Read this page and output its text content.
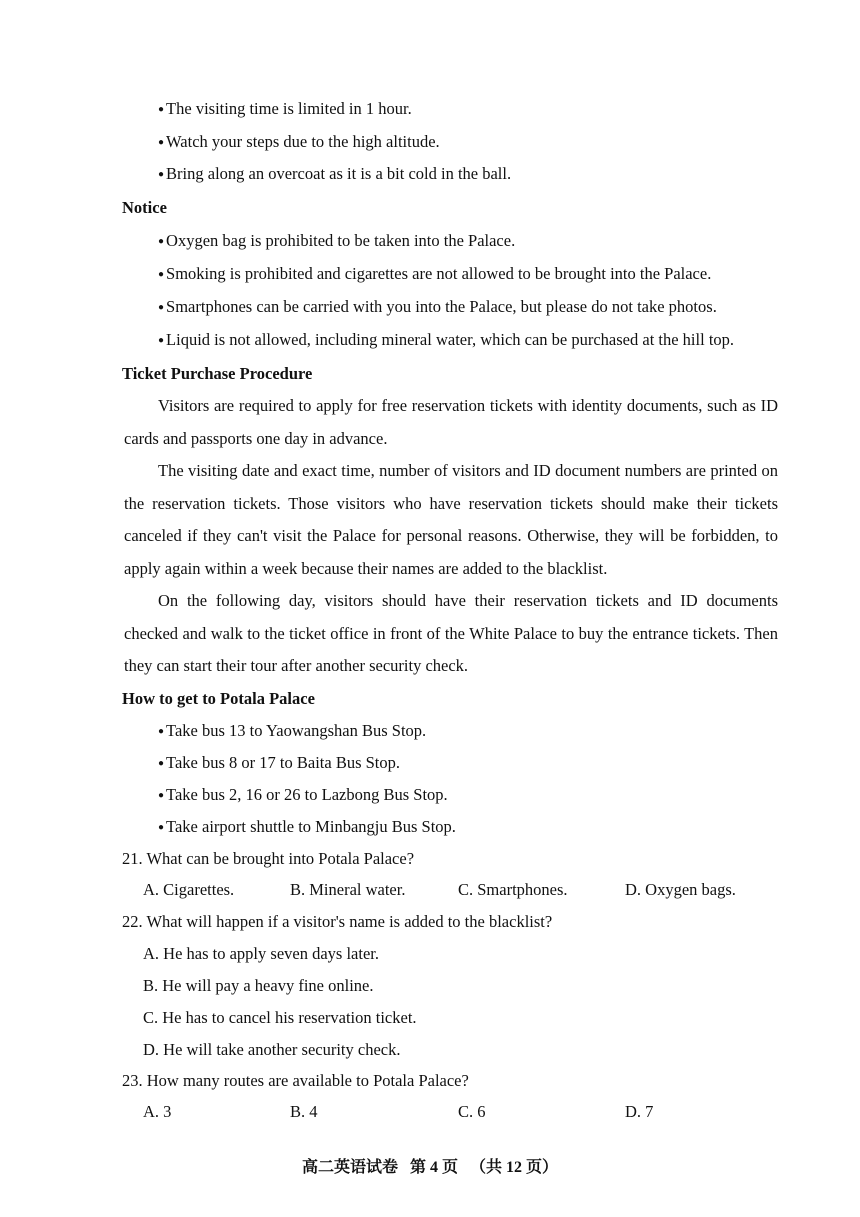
● The visiting time is limited in 1 hour.
● Watch your steps due to the high altitude.
● Bring along an overcoat as it is a bit cold in the ball.
Notice
● Oxygen bag is prohibited to be taken into the Palace.
● Smoking is prohibited and cigarettes are not allowed to be brought into the Palace.
● Smartphones can be carried with you into the Palace, but please do not take photos.
● Liquid is not allowed, including mineral water, which can be purchased at the hill top.
Ticket Purchase Procedure
Visitors are required to apply for free reservation tickets with identity documents, such as ID cards and passports one day in advance.
The visiting date and exact time, number of visitors and ID document numbers are printed on the reservation tickets. Those visitors who have reservation tickets should make their tickets canceled if they can't visit the Palace for personal reasons. Otherwise, they will be forbidden, to apply again within a week because their names are added to the blacklist.
On the following day, visitors should have their reservation tickets and ID documents checked and walk to the ticket office in front of the White Palace to buy the entrance tickets. Then they can start their tour after another security check.
How to get to Potala Palace
● Take bus 13 to Yaowangshan Bus Stop.
● Take bus 8 or 17 to Baita Bus Stop.
● Take bus 2, 16 or 26 to Lazbong Bus Stop.
● Take airport shuttle to Minbangju Bus Stop.
21. What can be brought into Potala Palace?
A. Cigarettes.	B. Mineral water.	C. Smartphones.	D. Oxygen bags.
22. What will happen if a visitor's name is added to the blacklist?
A. He has to apply seven days later.
B. He will pay a heavy fine online.
C. He has to cancel his reservation ticket.
D. He will take another security check.
23. How many routes are available to Potala Palace?
A. 3	B. 4	C. 6	D. 7
高二英语试卷 第 4 页 （共 12 页）
